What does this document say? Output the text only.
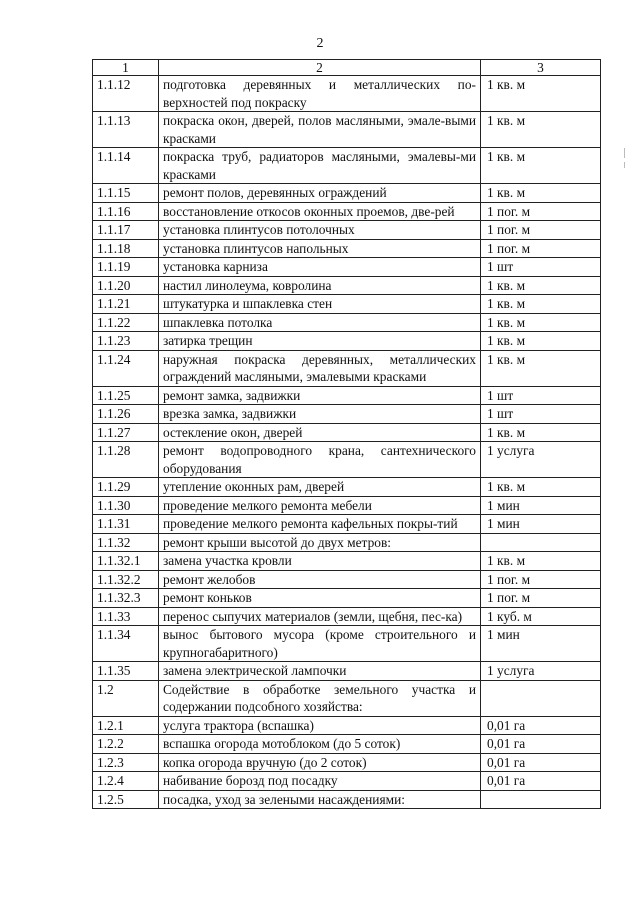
2
1	2	3
1.1.12	подготовка деревянных и металлических по-верхностей под покраску	1 кв. м
1.1.13	покраска окон, дверей, полов масляными, эмале-выми красками	1 кв. м
1.1.14	покраска труб, радиаторов масляными, эмалевы-ми красками	1 кв. м
1.1.15	ремонт полов, деревянных ограждений	1 кв. м
1.1.16	восстановление откосов оконных проемов, две-рей	1 пог. м
1.1.17	установка плинтусов потолочных	1 пог. м
1.1.18	установка плинтусов напольных	1 пог. м
1.1.19	установка карниза	1 шт
1.1.20	настил линолеума, ковролина	1 кв. м
1.1.21	штукатурка и шпаклевка стен	1 кв. м
1.1.22	шпаклевка потолка	1 кв. м
1.1.23	затирка трещин	1 кв. м
1.1.24	наружная покраска деревянных, металлических ограждений масляными, эмалевыми красками	1 кв. м
1.1.25	ремонт замка, задвижки	1 шт
1.1.26	врезка замка, задвижки	1 шт
1.1.27	остекление окон, дверей	1 кв. м
1.1.28	ремонт водопроводного крана, сантехнического оборудования	1 услуга
1.1.29	утепление оконных рам, дверей	1 кв. м
1.1.30	проведение мелкого ремонта мебели	1 мин
1.1.31	проведение мелкого ремонта кафельных покры-тий	1 мин
1.1.32	ремонт крыши высотой до двух метров:	
1.1.32.1	замена участка кровли	1 кв. м
1.1.32.2	ремонт желобов	1 пог. м
1.1.32.3	ремонт коньков	1 пог. м
1.1.33	перенос сыпучих материалов (земли, щебня, пес-ка)	1 куб. м
1.1.34	вынос бытового мусора (кроме строительного и крупногабаритного)	1 мин
1.1.35	замена электрической лампочки	1 услуга
1.2	Содействие в обработке земельного участка и содержании подсобного хозяйства:	
1.2.1	услуга трактора (вспашка)	0,01 га
1.2.2	вспашка огорода мотоблоком (до 5 соток)	0,01 га
1.2.3	копка огорода вручную (до 2 соток)	0,01 га
1.2.4	набивание борозд под посадку	0,01 га
1.2.5	посадка, уход за зелеными насаждениями:	
